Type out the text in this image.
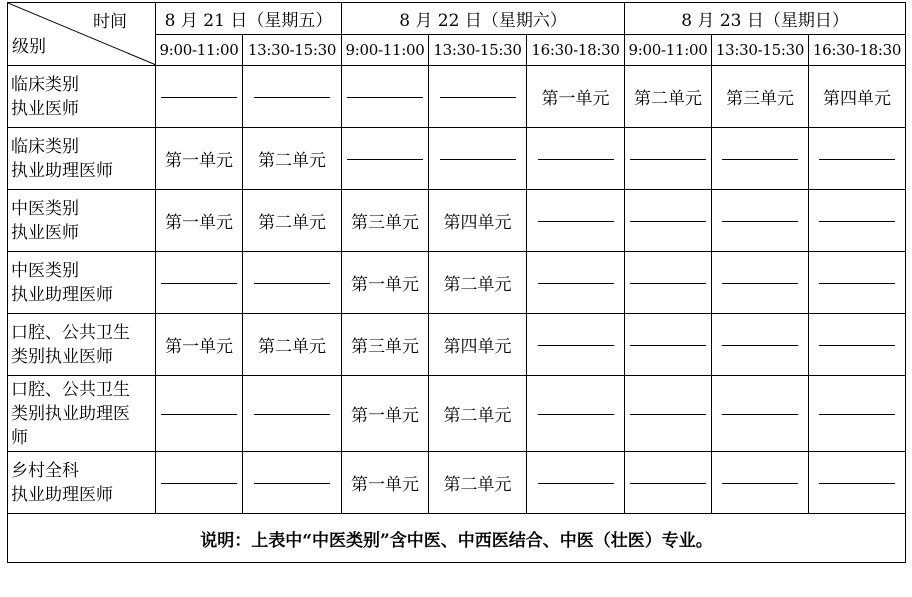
时间
级别	8 月 21 日（星期五）		8 月 22 日（星期六）			8 月 23 日（星期日）		
	9:00-11:00	13:30-15:30	9:00-11:00	13:30-15:30	16:30-18:30	9:00-11:00	13:30-15:30	16:30-18:30

临床类别
执业医师					第一单元	第二单元	第三单元	第四单元

临床类别
执业助理医师	第一单元	第二单元						

中医类别
执业医师	第一单元	第二单元	第三单元	第四单元				

中医类别
执业助理医师			第一单元	第二单元				

口腔、公共卫生
类别执业医师	第一单元	第二单元	第三单元	第四单元				

口腔、公共卫生
类别执业助理医
师			第一单元	第二单元				

乡村全科
执业助理医师			第一单元	第二单元				
说明：上表中“中医类别”含中医、中西医结合、中医（壮医）专业。								
